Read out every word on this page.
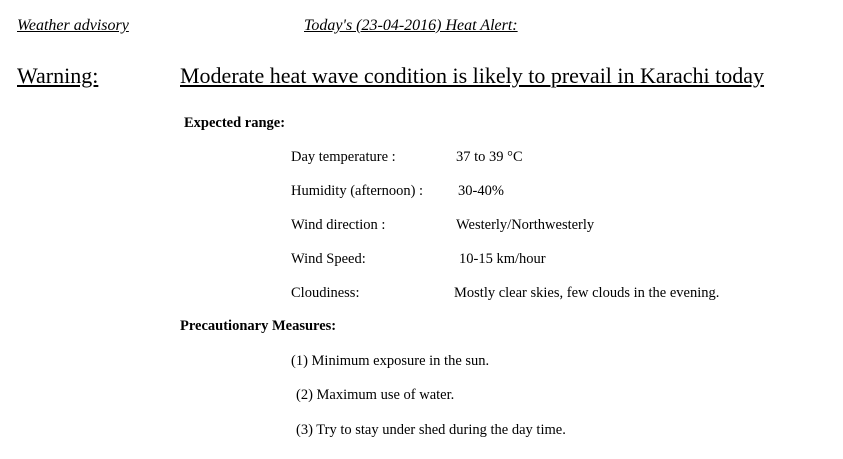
Weather advisory	Today's (23-04-2016) Heat Alert:
Warning:	Moderate heat wave condition is likely to prevail in Karachi today
Expected range:
Day temperature :	37 to 39 °C
Humidity (afternoon) : 30-40%
Wind direction :	Westerly/Northwesterly
Wind Speed:	10-15 km/hour
Cloudiness:	Mostly clear skies, few clouds in the evening.
Precautionary Measures:
(1) Minimum exposure in the sun.
(2) Maximum use of water.
(3) Try to stay under shed during the day time.
